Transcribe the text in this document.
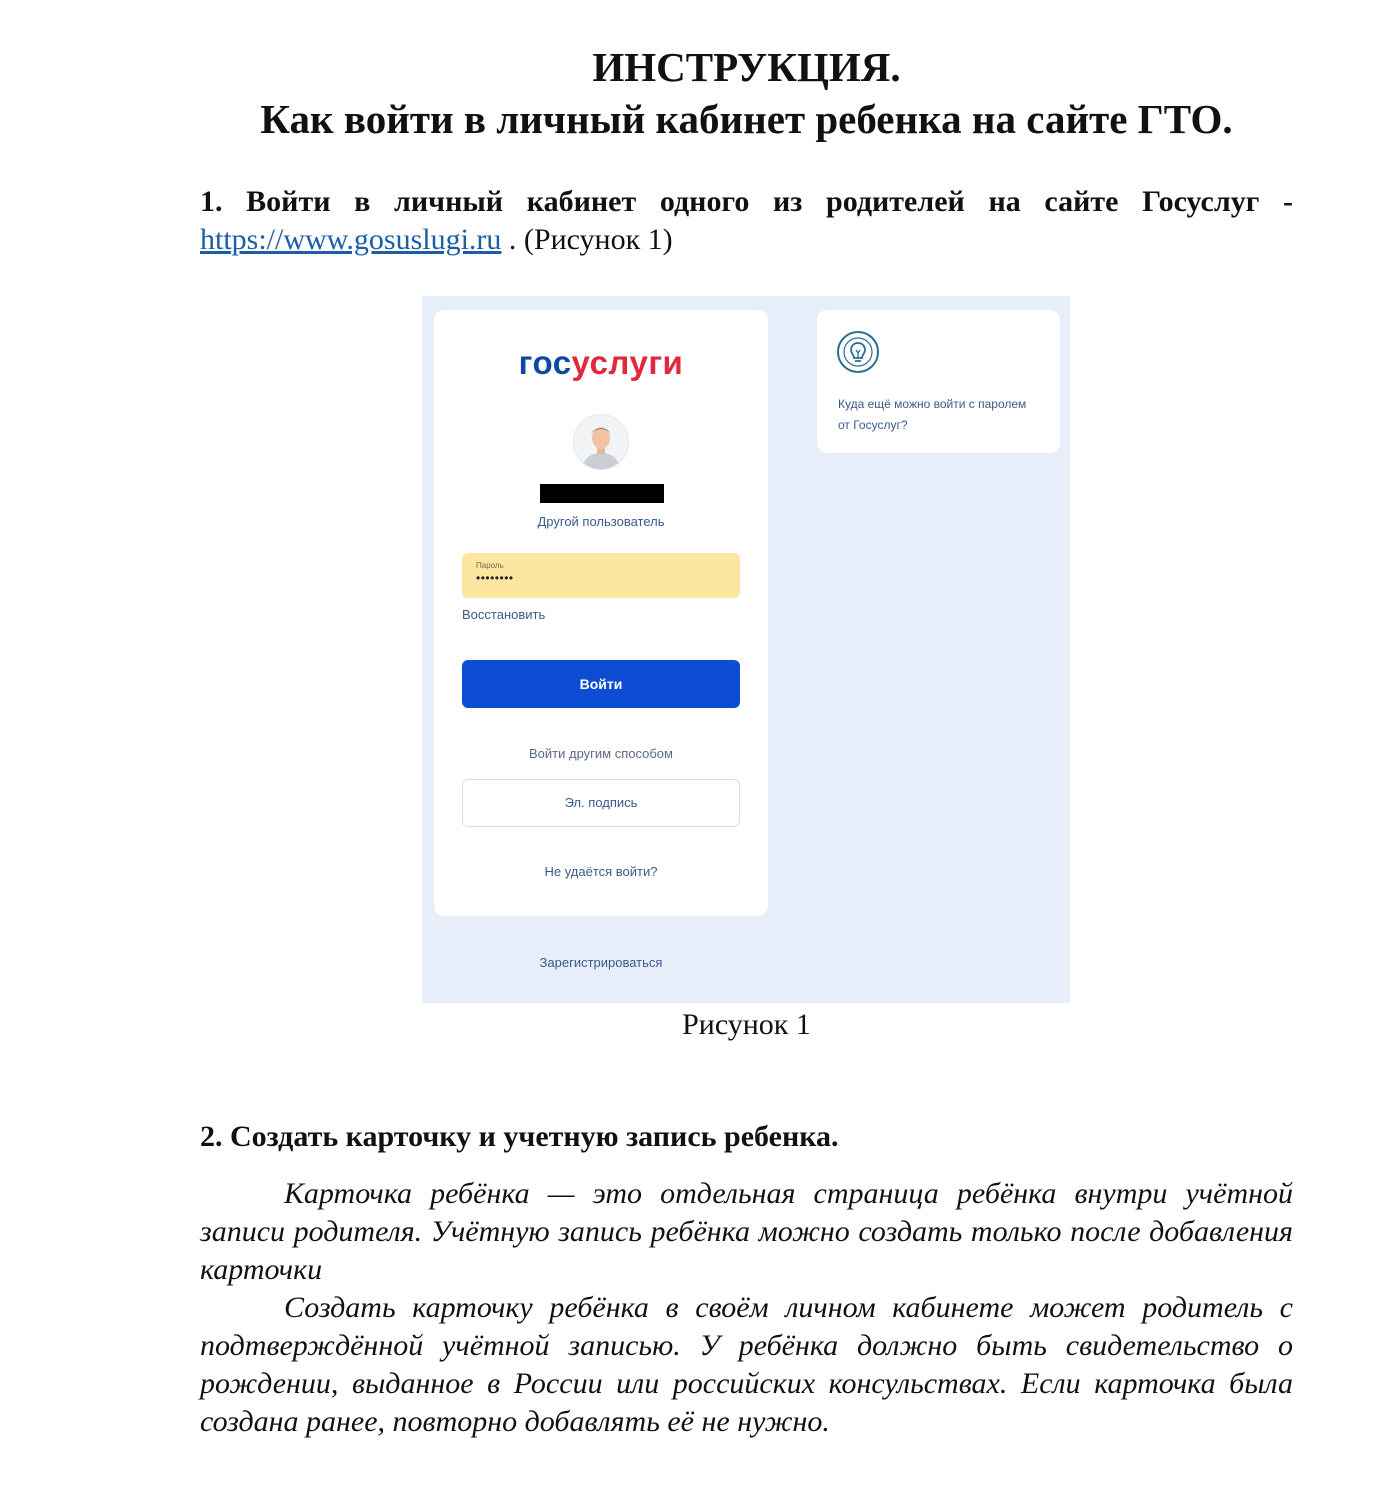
ИНСТРУКЦИЯ.
Как войти в личный кабинет ребенка на сайте ГТО.
1. Войти в личный кабинет одного из родителей на сайте Госуслуг -
https://www.gosuslugi.ru . (Рисунок 1)
госуслуги
Другой пользователь
Пароль
••••••••
Восстановить
Войти
Войти другим способом
Эл. подпись
Не удаётся войти?
Зарегистрироваться
Куда ещё можно войти с паролем от Госуслуг?
Рисунок 1
2. Создать карточку и учетную запись ребенка.

Карточка ребёнка — это отдельная страница ребёнка внутри учётной записи родителя. Учётную запись ребёнка можно создать только после добавления карточки

Создать карточку ребёнка в своём личном кабинете может родитель с подтверждённой учётной записью. У ребёнка должно быть свидетельство о рождении, выданное в России или российских консульствах. Если карточка была создана ранее, повторно добавлять её не нужно.
